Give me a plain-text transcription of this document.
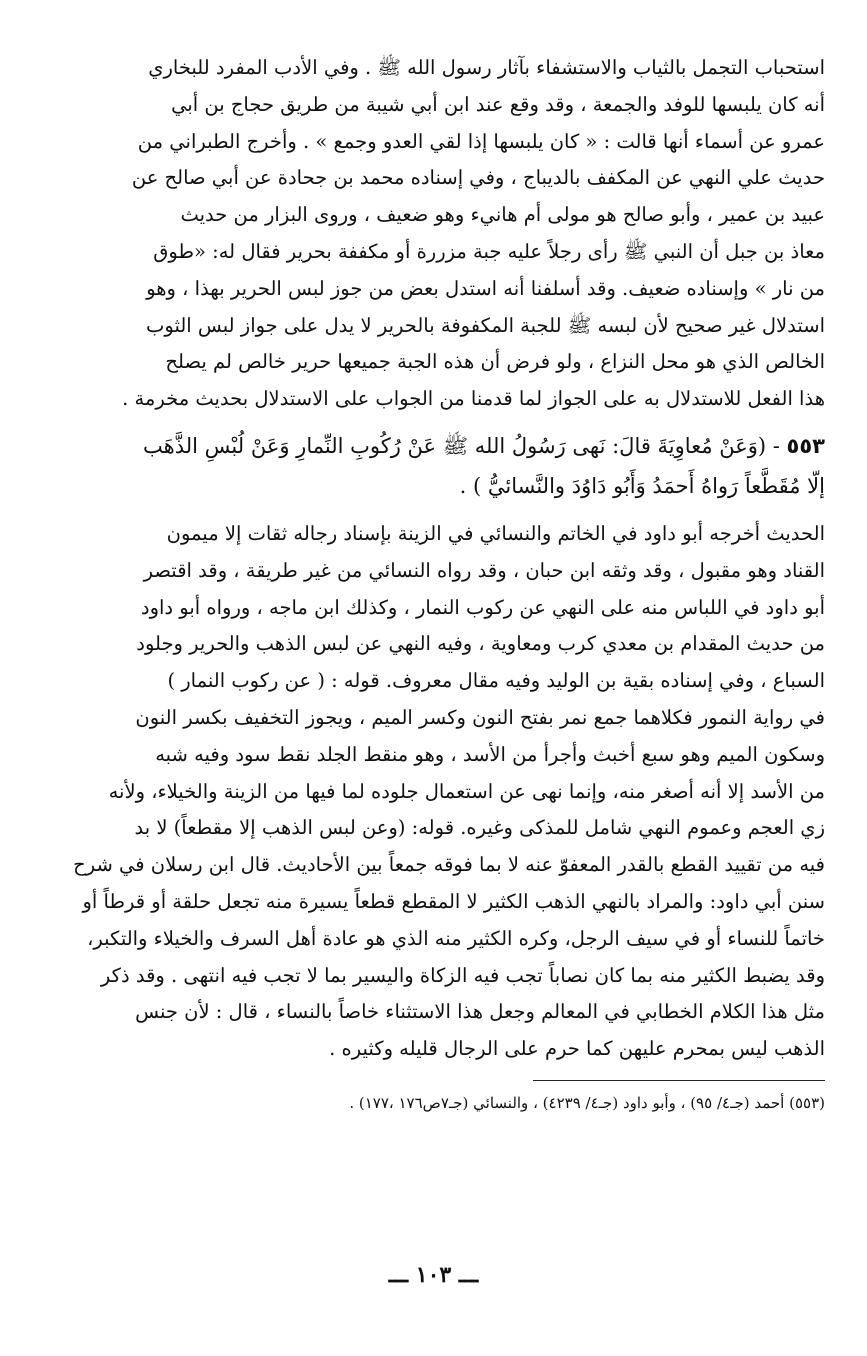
استحباب التجمل بالثياب والاستشفاء بآثار رسول الله ﷺ . وفي الأدب المفرد للبخاري
أنه كان يلبسها للوفد والجمعة ، وقد وقع عند ابن أبي شيبة من طريق حجاج بن أبي
عمرو عن أسماء أنها قالت : « كان يلبسها إذا لقي العدو وجمع » . وأخرج الطبراني من
حديث علي النهي عن المكفف بالديباج ، وفي إسناده محمد بن جحادة عن أبي صالح عن
عبيد بن عمير ، وأبو صالح هو مولى أم هانيء وهو ضعيف ، وروى البزار من حديث
معاذ بن جبل أن النبي ﷺ رأى رجلاً عليه جبة مزررة أو مكففة بحرير فقال له: «طوق
من نار » وإسناده ضعيف. وقد أسلفنا أنه استدل بعض من جوز لبس الحرير بهذا ، وهو
استدلال غير صحيح لأن لبسه ﷺ للجبة المكفوفة بالحرير لا يدل على جواز لبس الثوب
الخالص الذي هو محل النزاع ، ولو فرض أن هذه الجبة جميعها حرير خالص لم يصلح
هذا الفعل للاستدلال به على الجواز لما قدمنا من الجواب على الاستدلال بحديث مخرمة .
٥٥٣ - (وَعَنْ مُعاوِيَةَ قالَ: نَهى رَسُولُ الله ﷺ عَنْ رُكُوبِ النِّمارِ وَعَنْ لُبْسِ الذَّهَب
إلّا مُقَطَّعاً رَواهُ أَحمَدُ وَأَبُو دَاوُدَ والنَّسائيُّ ) .
الحديث أخرجه أبو داود في الخاتم والنسائي في الزينة بإسناد رجاله ثقات إلا ميمون
القناد وهو مقبول ، وقد وثقه ابن حبان ، وقد رواه النسائي من غير طريقة ، وقد اقتصر
أبو داود في اللباس منه على النهي عن ركوب النمار ، وكذلك ابن ماجه ، ورواه أبو داود
من حديث المقدام بن معدي كرب ومعاوية ، وفيه النهي عن لبس الذهب والحرير وجلود
السباع ، وفي إسناده بقية بن الوليد وفيه مقال معروف. قوله : ( عن ركوب النمار )
في رواية النمور فكلاهما جمع نمر بفتح النون وكسر الميم ، ويجوز التخفيف بكسر النون
وسكون الميم وهو سبع أخبث وأجرأ من الأسد ، وهو منقط الجلد نقط سود وفيه شبه
من الأسد إلا أنه أصغر منه، وإنما نهى عن استعمال جلوده لما فيها من الزينة والخيلاء، ولأنه
زي العجم وعموم النهي شامل للمذكى وغيره. قوله: (وعن لبس الذهب إلا مقطعاً) لا بد
فيه من تقييد القطع بالقدر المعفوّ عنه لا بما فوقه جمعاً بين الأحاديث. قال ابن رسلان في شرح
سنن أبي داود: والمراد بالنهي الذهب الكثير لا المقطع قطعاً يسيرة منه تجعل حلقة أو قرطاً أو
خاتماً للنساء أو في سيف الرجل، وكره الكثير منه الذي هو عادة أهل السرف والخيلاء والتكبر،
وقد يضبط الكثير منه بما كان نصاباً تجب فيه الزكاة واليسير بما لا تجب فيه انتهى . وقد ذكر
مثل هذا الكلام الخطابي في المعالم وجعل هذا الاستثناء خاصاً بالنساء ، قال : لأن جنس
الذهب ليس بمحرم عليهن كما حرم على الرجال قليله وكثيره .

(٥٥٣) أحمد (جـ٤/ ٩٥) ، وأبو داود (جـ٤/ ٤٢٣٩) ، والنسائي (جـ٧ص١٧٦ ،١٧٧) .

ـــ ١٠٣ ـــ
